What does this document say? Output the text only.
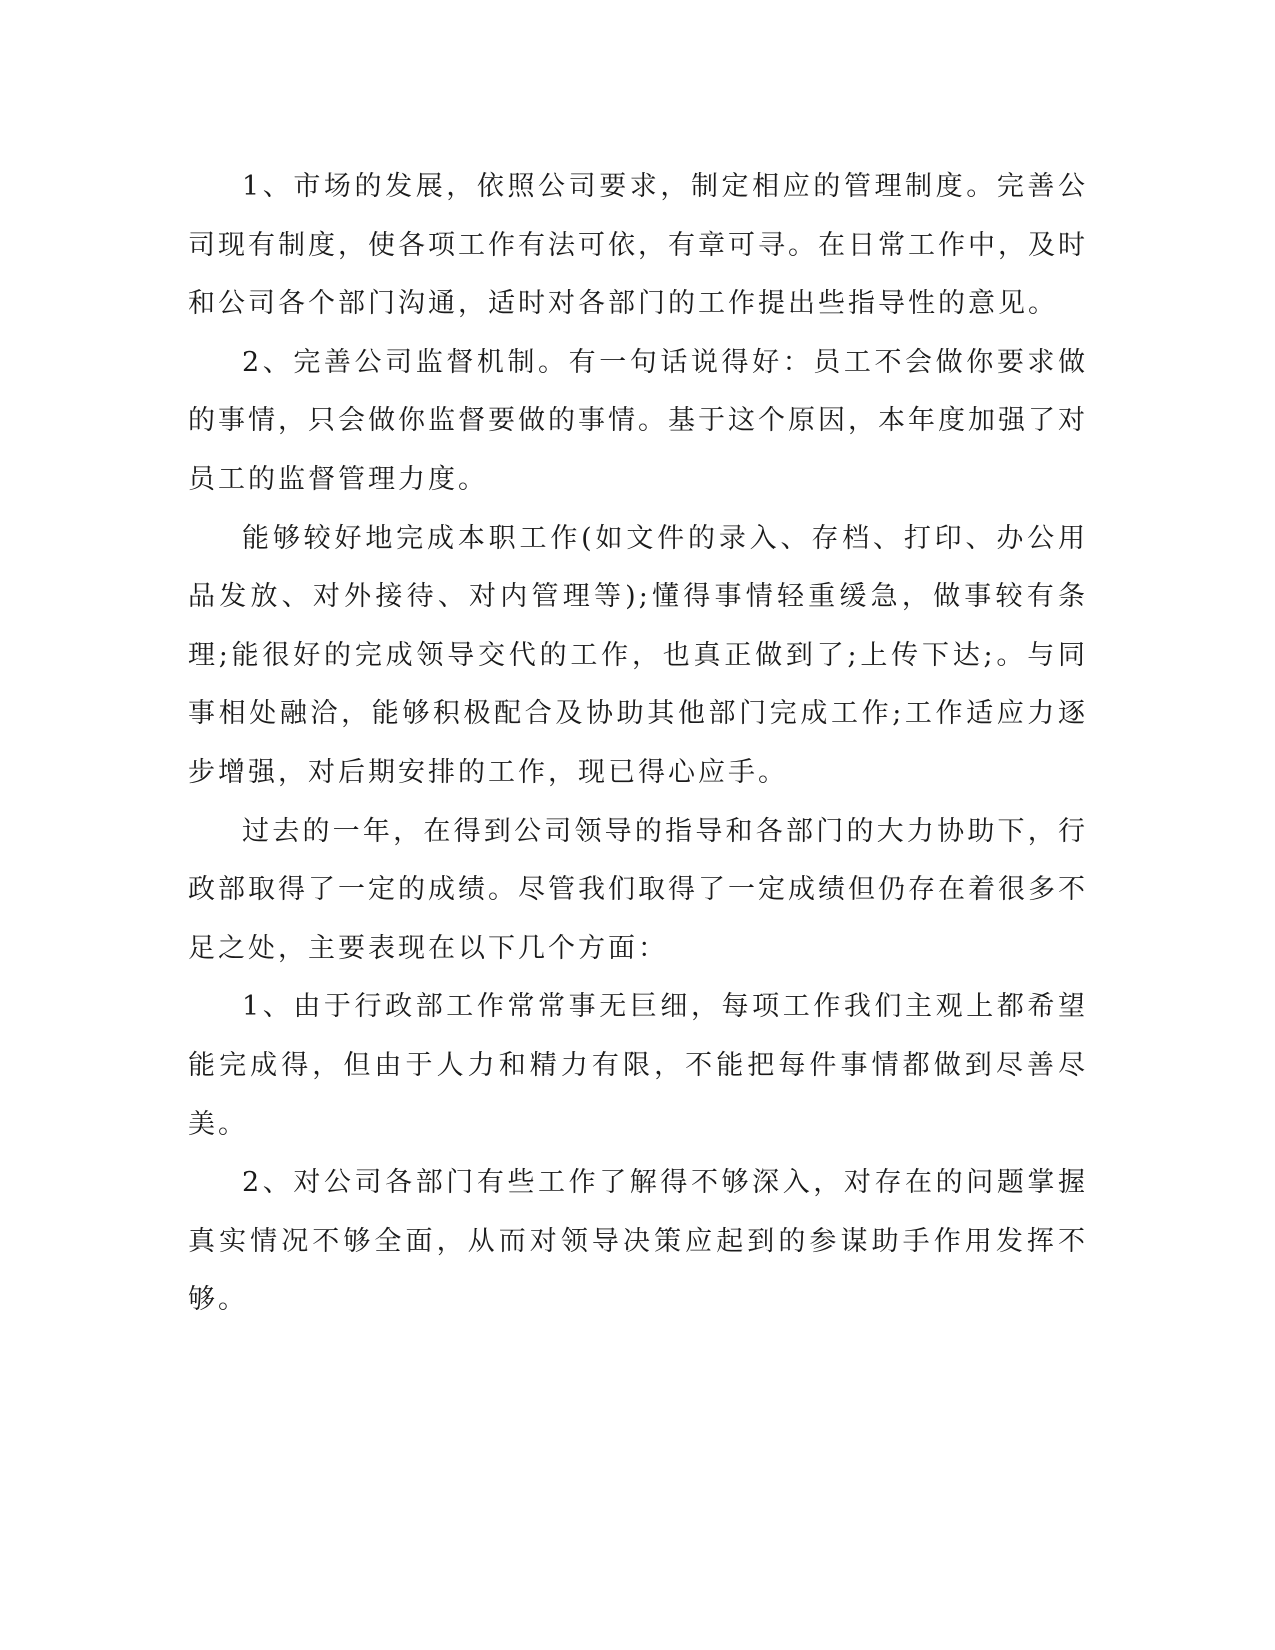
1、市场的发展，依照公司要求，制定相应的管理制度。完善公司现有制度，使各项工作有法可依，有章可寻。在日常工作中，及时和公司各个部门沟通，适时对各部门的工作提出些指导性的意见。

2、完善公司监督机制。有一句话说得好：员工不会做你要求做的事情，只会做你监督要做的事情。基于这个原因，本年度加强了对员工的监督管理力度。

能够较好地完成本职工作(如文件的录入、存档、打印、办公用品发放、对外接待、对内管理等);懂得事情轻重缓急，做事较有条理;能很好的完成领导交代的工作，也真正做到了;上传下达;。与同事相处融洽，能够积极配合及协助其他部门完成工作;工作适应力逐步增强，对后期安排的工作，现已得心应手。

过去的一年，在得到公司领导的指导和各部门的大力协助下，行政部取得了一定的成绩。尽管我们取得了一定成绩但仍存在着很多不足之处，主要表现在以下几个方面：

1、由于行政部工作常常事无巨细，每项工作我们主观上都希望能完成得，但由于人力和精力有限，不能把每件事情都做到尽善尽美。

2、对公司各部门有些工作了解得不够深入，对存在的问题掌握真实情况不够全面，从而对领导决策应起到的参谋助手作用发挥不够。
